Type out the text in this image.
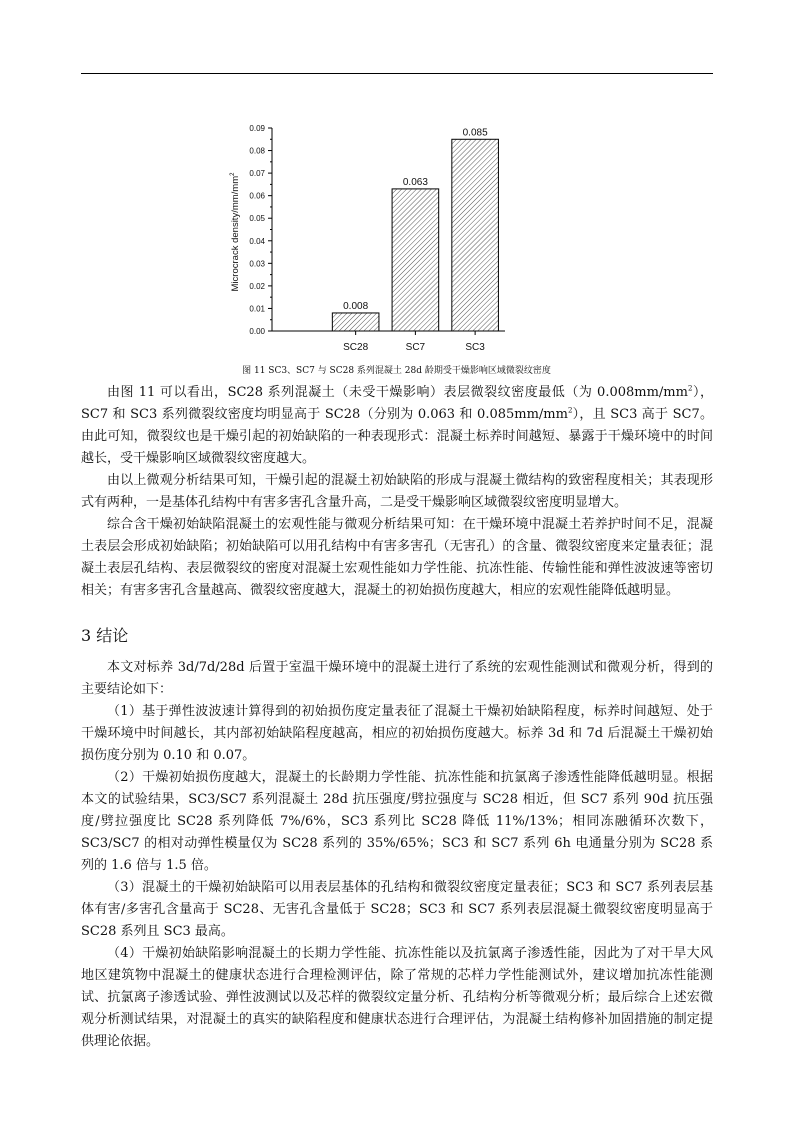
0.00
0.01
0.02
0.03
0.04
0.05
0.06
0.07
0.08
0.09
0.008
SC28
0.063
SC7
0.085
SC3
Microcrack density/$mm/mm^2$
图 11 SC3、SC7 与 SC28 系列混凝土 28d 龄期受干燥影响区域微裂纹密度

由图 11 可以看出，SC28 系列混凝土（未受干燥影响）表层微裂纹密度最低（为 $0.008mm/mm^2$），SC7 和 SC3 系列微裂纹密度均明显高于 SC28（分别为 0.063 和 $0.085mm/mm^2$），且 SC3 高于 SC7。由此可知，微裂纹也是干燥引起的初始缺陷的一种表现形式：混凝土标养时间越短、暴露于干燥环境中的时间越长，受干燥影响区域微裂纹密度越大。

由以上微观分析结果可知，干燥引起的混凝土初始缺陷的形成与混凝土微结构的致密程度相关；其表现形式有两种，一是基体孔结构中有害多害孔含量升高，二是受干燥影响区域微裂纹密度明显增大。

综合含干燥初始缺陷混凝土的宏观性能与微观分析结果可知：在干燥环境中混凝土若养护时间不足，混凝土表层会形成初始缺陷；初始缺陷可以用孔结构中有害多害孔（无害孔）的含量、微裂纹密度来定量表征；混凝土表层孔结构、表层微裂纹的密度对混凝土宏观性能如力学性能、抗冻性能、传输性能和弹性波波速等密切相关；有害多害孔含量越高、微裂纹密度越大，混凝土的初始损伤度越大，相应的宏观性能降低越明显。

3 结论

本文对标养 3d/7d/28d 后置于室温干燥环境中的混凝土进行了系统的宏观性能测试和微观分析，得到的主要结论如下：

（1）基于弹性波波速计算得到的初始损伤度定量表征了混凝土干燥初始缺陷程度，标养时间越短、处于干燥环境中时间越长，其内部初始缺陷程度越高，相应的初始损伤度越大。标养 3d 和 7d 后混凝土干燥初始损伤度分别为 0.10 和 0.07。

（2）干燥初始损伤度越大，混凝土的长龄期力学性能、抗冻性能和抗氯离子渗透性能降低越明显。根据本文的试验结果，SC3/SC7 系列混凝土 28d 抗压强度/劈拉强度与 SC28 相近，但 SC7 系列 90d 抗压强度/劈拉强度比 SC28 系列降低 7%/6%，SC3 系列比 SC28 降低 11%/13%；相同冻融循环次数下，SC3/SC7 的相对动弹性模量仅为 SC28 系列的 35%/65%；SC3 和 SC7 系列 6h 电通量分别为 SC28 系列的 1.6 倍与 1.5 倍。

（3）混凝土的干燥初始缺陷可以用表层基体的孔结构和微裂纹密度定量表征；SC3 和 SC7 系列表层基体有害/多害孔含量高于 SC28、无害孔含量低于 SC28；SC3 和 SC7 系列表层混凝土微裂纹密度明显高于 SC28 系列且 SC3 最高。

（4）干燥初始缺陷影响混凝土的长期力学性能、抗冻性能以及抗氯离子渗透性能，因此为了对干旱大风地区建筑物中混凝土的健康状态进行合理检测评估，除了常规的芯样力学性能测试外，建议增加抗冻性能测试、抗氯离子渗透试验、弹性波测试以及芯样的微裂纹定量分析、孔结构分析等微观分析；最后综合上述宏微观分析测试结果，对混凝土的真实的缺陷程度和健康状态进行合理评估，为混凝土结构修补加固措施的制定提供理论依据。
